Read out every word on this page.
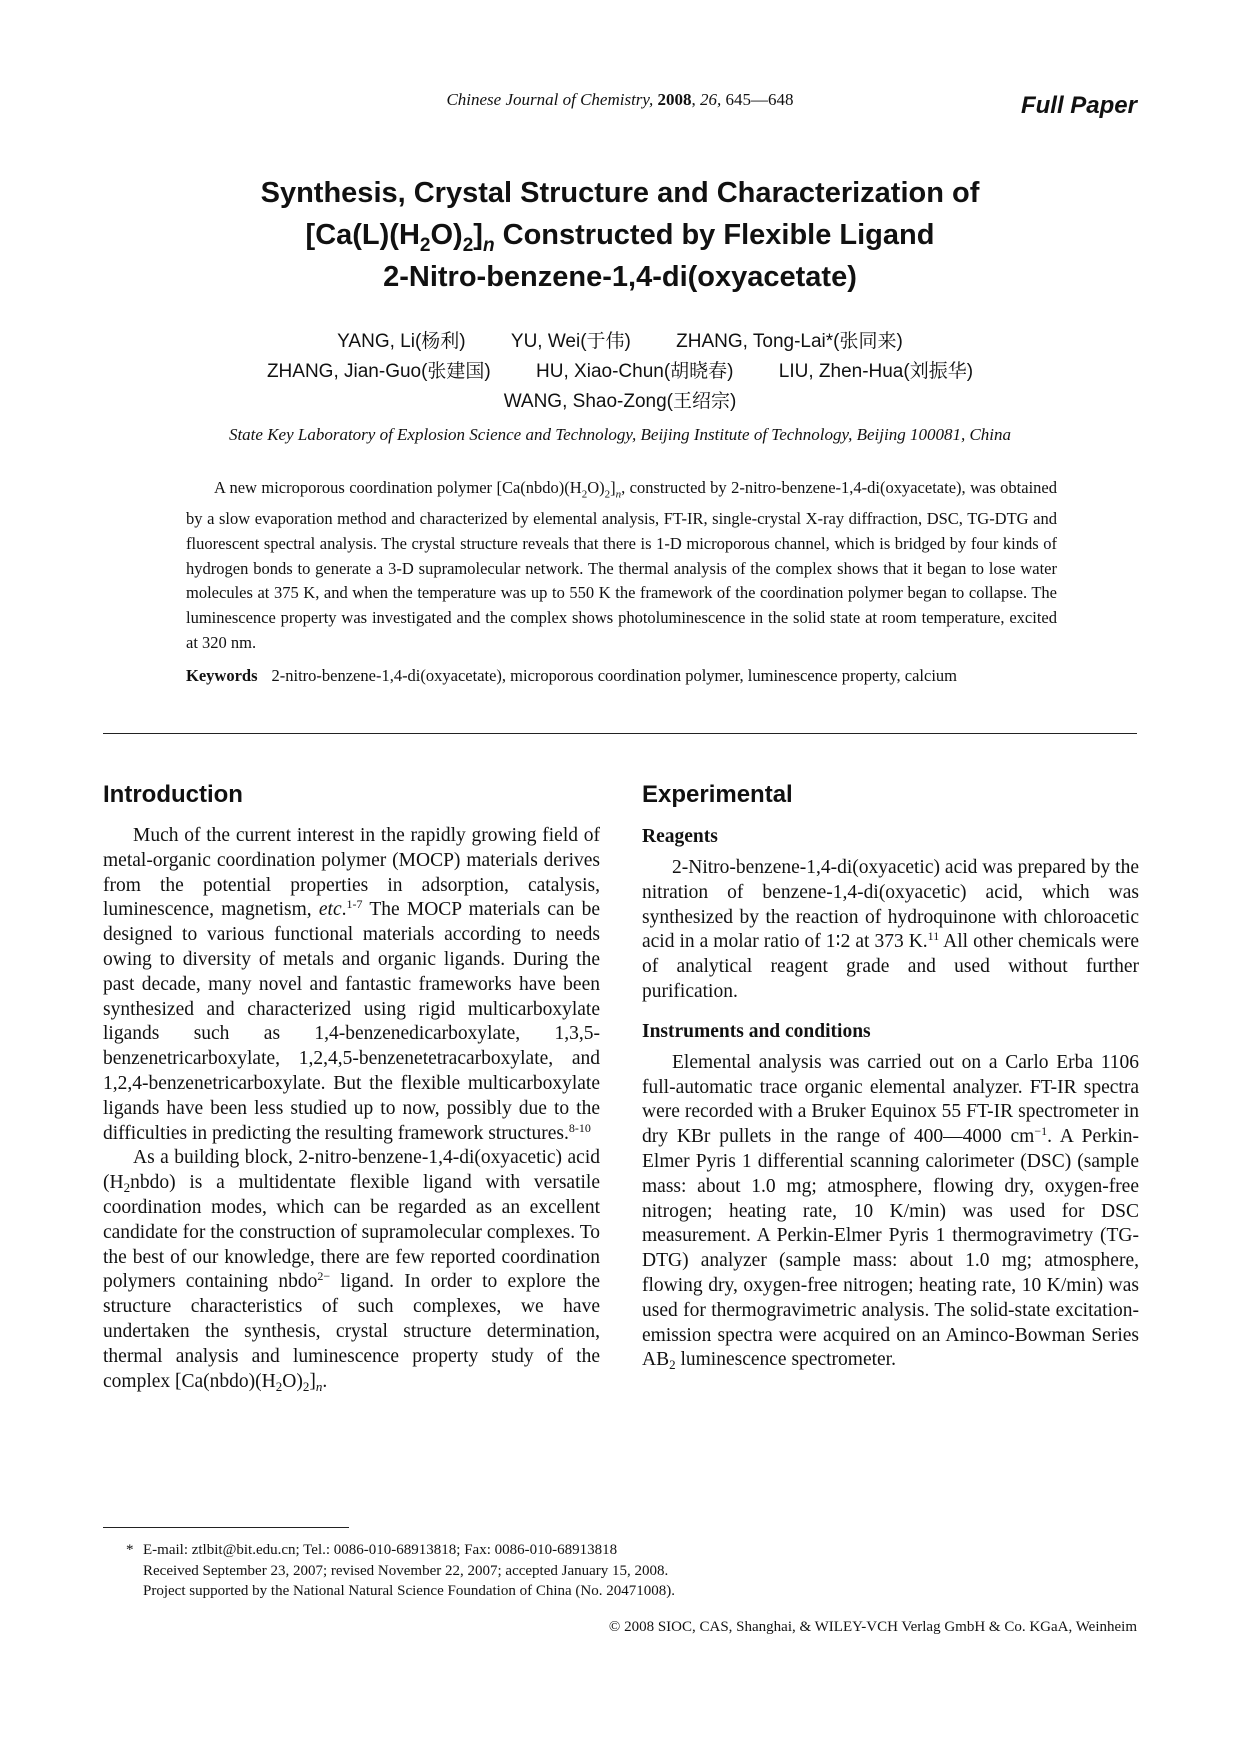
Chinese Journal of Chemistry, 2008, 26, 645—648	Full Paper
Synthesis, Crystal Structure and Characterization of
$[Ca(L)(H_2O)_2]_n$ Constructed by Flexible Ligand
2-Nitro-benzene-1,4-di(oxyacetate)
YANG, Li(杨利) YU, Wei(于伟) ZHANG, Tong-Lai*(张同来)
ZHANG, Jian-Guo(张建国) HU, Xiao-Chun(胡晓春) LIU, Zhen-Hua(刘振华)
WANG, Shao-Zong(王绍宗)
State Key Laboratory of Explosion Science and Technology, Beijing Institute of Technology, Beijing 100081, China

A new microporous coordination polymer $[Ca(nbdo)(H_2O)_2]_n$, constructed by 2-nitro-benzene-1,4-di(oxyacetate), was obtained by a slow evaporation method and characterized by elemental analysis, FT-IR, single-crystal X-ray diffraction, DSC, TG-DTG and fluorescent spectral analysis. The crystal structure reveals that there is 1-D microporous channel, which is bridged by four kinds of hydrogen bonds to generate a 3-D supramolecular network. The thermal analysis of the complex shows that it began to lose water molecules at 375 K, and when the temperature was up to 550 K the framework of the coordination polymer began to collapse. The luminescence property was investigated and the complex shows photoluminescence in the solid state at room temperature, excited at 320 nm.

Keywords 2-nitro-benzene-1,4-di(oxyacetate), microporous coordination polymer, luminescence property, calcium

Introduction

Much of the current interest in the rapidly growing field of metal-organic coordination polymer (MOCP) materials derives from the potential properties in adsorption, catalysis, luminescence, magnetism, etc.$^{1-7}$ The MOCP materials can be designed to various functional materials according to needs owing to diversity of metals and organic ligands. During the past decade, many novel and fantastic frameworks have been synthesized and characterized using rigid multicarboxylate ligands such as 1,4-benzenedicarboxylate, 1,3,5-benzenetricarboxylate, 1,2,4,5-benzenetetracarboxylate, and 1,2,4-benzenetricarboxylate. But the flexible multicarboxylate ligands have been less studied up to now, possibly due to the difficulties in predicting the resulting framework structures.$^{8-10}$

As a building block, 2-nitro-benzene-1,4-di(oxyacetic) acid $(H_2nbdo)$ is a multidentate flexible ligand with versatile coordination modes, which can be regarded as an excellent candidate for the construction of supramolecular complexes. To the best of our knowledge, there are few reported coordination polymers containing nbdo$^{2-}$ ligand. In order to explore the structure characteristics of such complexes, we have undertaken the synthesis, crystal structure determination, thermal analysis and luminescence property study of the complex $[Ca(nbdo)(H_2O)_2]_n$.

Experimental
Reagents

2-Nitro-benzene-1,4-di(oxyacetic) acid was prepared by the nitration of benzene-1,4-di(oxyacetic) acid, which was synthesized by the reaction of hydroquinone with chloroacetic acid in a molar ratio of 1∶2 at 373 K.$^{11}$ All other chemicals were of analytical reagent grade and used without further purification.

Instruments and conditions

Elemental analysis was carried out on a Carlo Erba 1106 full-automatic trace organic elemental analyzer. FT-IR spectra were recorded with a Bruker Equinox 55 FT-IR spectrometer in dry KBr pullets in the range of 400—4000 $cm^{-1}$. A Perkin-Elmer Pyris 1 differential scanning calorimeter (DSC) (sample mass: about 1.0 mg; atmosphere, flowing dry, oxygen-free nitrogen; heating rate, 10 K/min) was used for DSC measurement. A Perkin-Elmer Pyris 1 thermogravimetry (TG-DTG) analyzer (sample mass: about 1.0 mg; atmosphere, flowing dry, oxygen-free nitrogen; heating rate, 10 K/min) was used for thermogravimetric analysis. The solid-state excitation-emission spectra were acquired on an Aminco-Bowman Series $AB_2$ luminescence spectrometer.

* E-mail: ztlbit@bit.edu.cn; Tel.: 0086-010-68913818; Fax: 0086-010-68913818
Received September 23, 2007; revised November 22, 2007; accepted January 15, 2008.
Project supported by the National Natural Science Foundation of China (No. 20471008).
© 2008 SIOC, CAS, Shanghai, & WILEY-VCH Verlag GmbH & Co. KGaA, Weinheim
